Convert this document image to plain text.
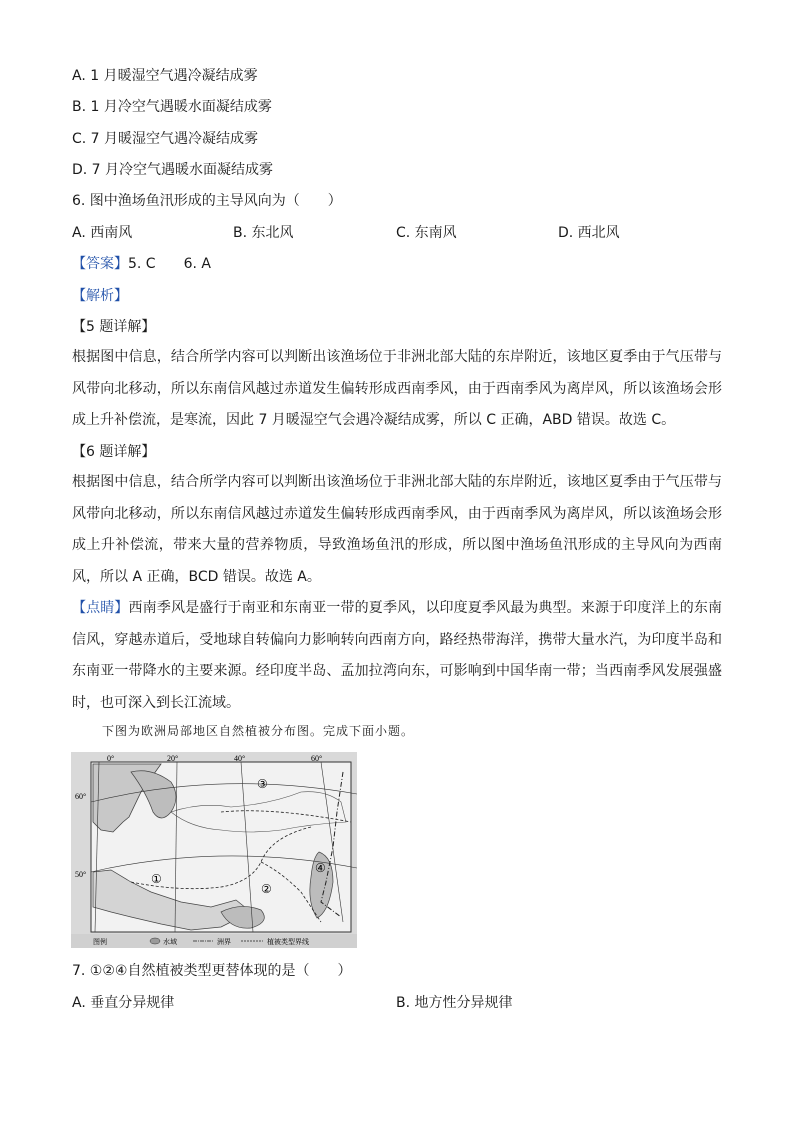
A. 1 月暖湿空气遇冷凝结成雾
B. 1 月冷空气遇暖水面凝结成雾
C. 7 月暖湿空气遇冷凝结成雾
D. 7 月冷空气遇暖水面凝结成雾
6. 图中渔场鱼汛形成的主导风向为（　　）
A. 西南风	B. 东北风	C. 东南风	D. 西北风
【答案】5. C　　6. A
【解析】
【5 题详解】
根据图中信息，结合所学内容可以判断出该渔场位于非洲北部大陆的东岸附近，该地区夏季由于气压带与风带向北移动，所以东南信风越过赤道发生偏转形成西南季风，由于西南季风为离岸风，所以该渔场会形成上升补偿流，是寒流，因此 7 月暖湿空气会遇冷凝结成雾，所以 C 正确，ABD 错误。故选 C。
【6 题详解】
根据图中信息，结合所学内容可以判断出该渔场位于非洲北部大陆的东岸附近，该地区夏季由于气压带与风带向北移动，所以东南信风越过赤道发生偏转形成西南季风，由于西南季风为离岸风，所以该渔场会形成上升补偿流，带来大量的营养物质，导致渔场鱼汛的形成，所以图中渔场鱼汛形成的主导风向为西南风，所以 A 正确，BCD 错误。故选 A。
【点睛】西南季风是盛行于南亚和东南亚一带的夏季风，以印度夏季风最为典型。来源于印度洋上的东南信风，穿越赤道后，受地球自转偏向力影响转向西南方向，路经热带海洋，携带大量水汽，为印度半岛和东南亚一带降水的主要来源。经印度半岛、孟加拉湾向东，可影响到中国华南一带；当西南季风发展强盛时，也可深入到长江流域。
下图为欧洲局部地区自然植被分布图。完成下面小题。
0°	20°	40°	60°
60°
50°	①
②
③
④
图例	水域	洲界	植被类型界线
7. ①②④自然植被类型更替体现的是（　　）
A. 垂直分异规律	B. 地方性分异规律
